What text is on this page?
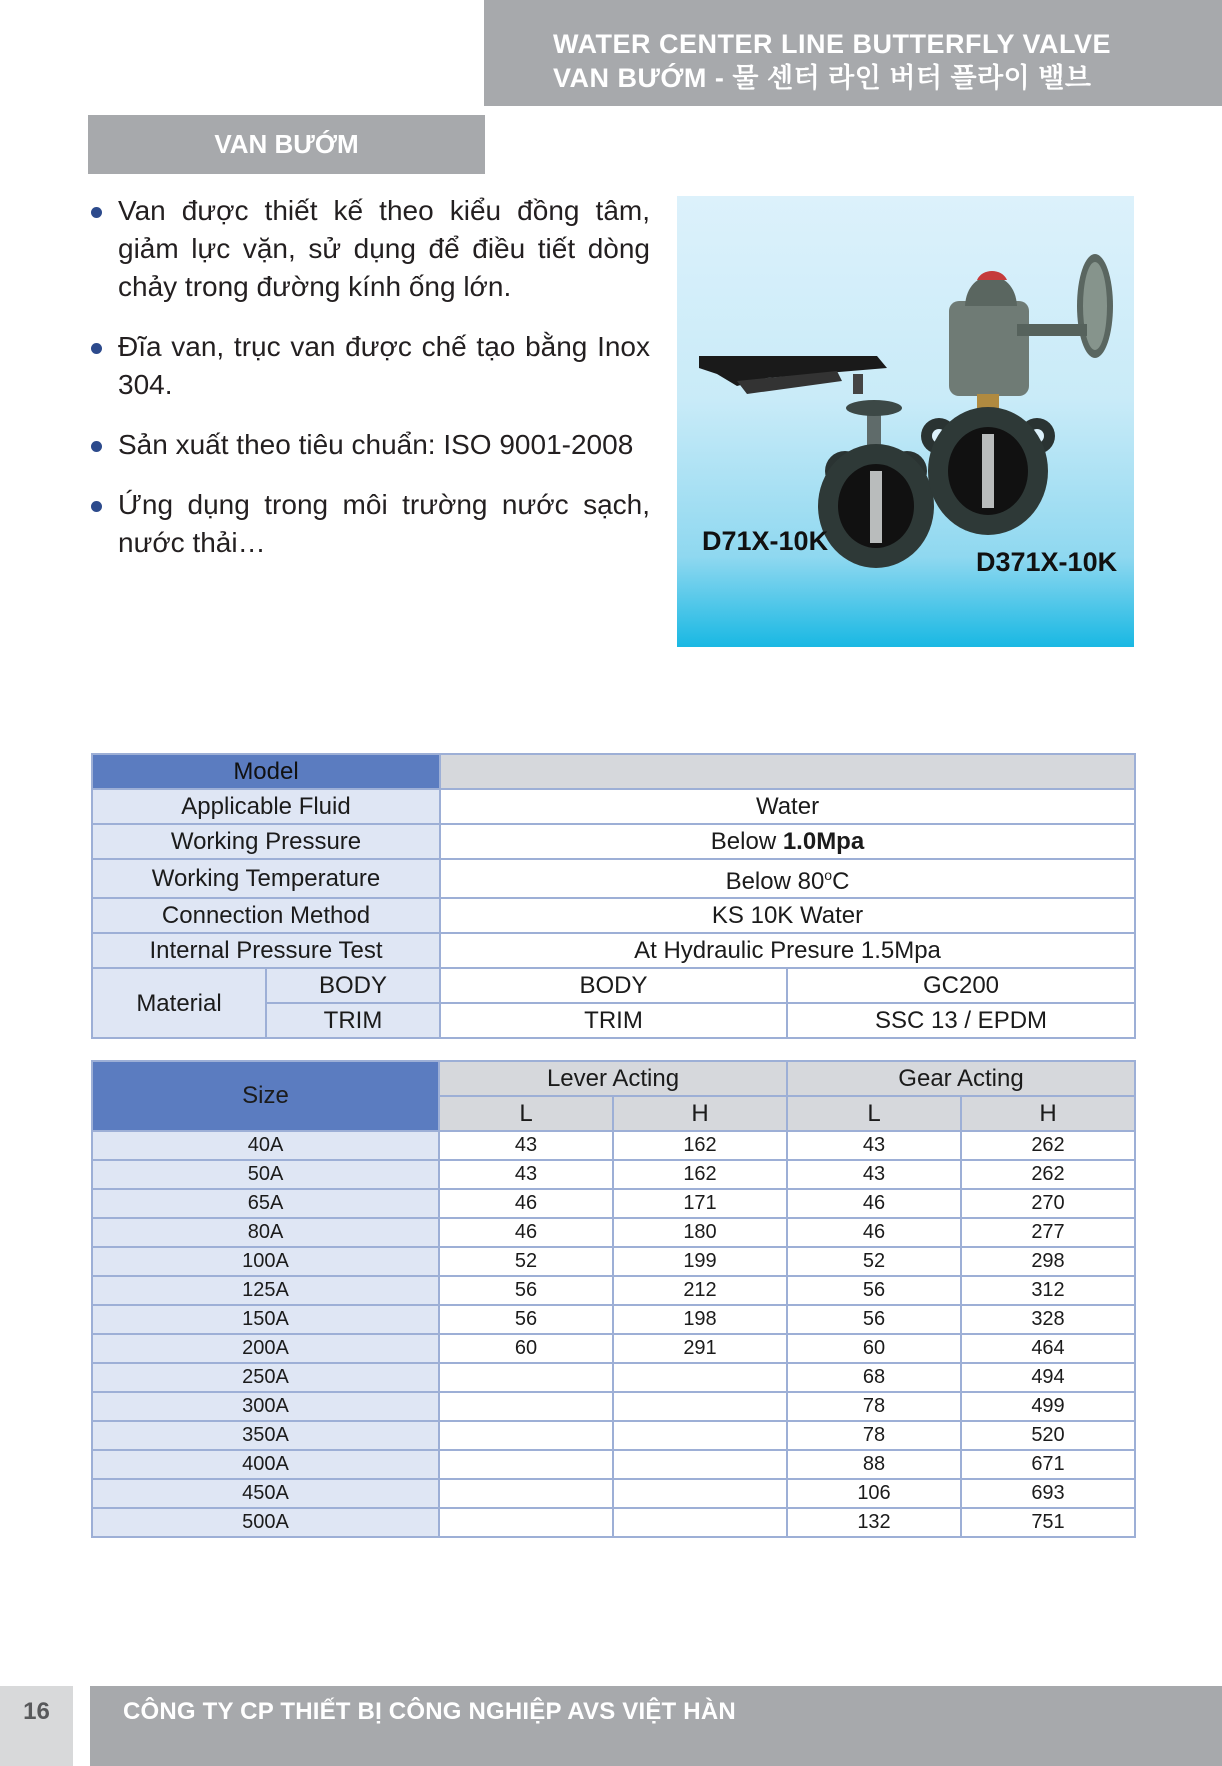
WATER CENTER LINE BUTTERFLY VALVE
VAN BƯỚM - 물 센터 라인 버터 플라이 밸브
VAN BƯỚM
Van được thiết kế theo kiểu đồng tâm, giảm lực vặn, sử dụng để điều tiết dòng chảy trong đường kính ống lớn.
Đĩa van, trục van được chế tạo bằng Inox 304.
Sản xuất theo tiêu chuẩn: ISO 9001-2008
Ứng dụng trong môi trường nước sạch, nước thải…	D71X-10K
D371X-10K
Model			
Applicable Fluid		Water	
Working Pressure		Below 1.0Mpa	
Working Temperature		Below 80$^o$C	
Connection Method		KS 10K Water	
Internal Pressure Test		At Hydraulic Presure 1.5Mpa	
Material	BODY	BODY	GC200
	TRIM	TRIM	SSC 13 / EPDM
Size	Lever Acting		Gear Acting	
	L	H	L	H
40A	43	162	43	262
50A	43	162	43	262
65A	46	171	46	270
80A	46	180	46	277
100A	52	199	52	298
125A	56	212	56	312
150A	56	198	56	328
200A	60	291	60	464
250A			68	494
300A			78	499
350A			78	520
400A			88	671
450A			106	693
500A			132	751
16	CÔNG TY CP THIẾT BỊ CÔNG NGHIỆP AVS VIỆT HÀN
